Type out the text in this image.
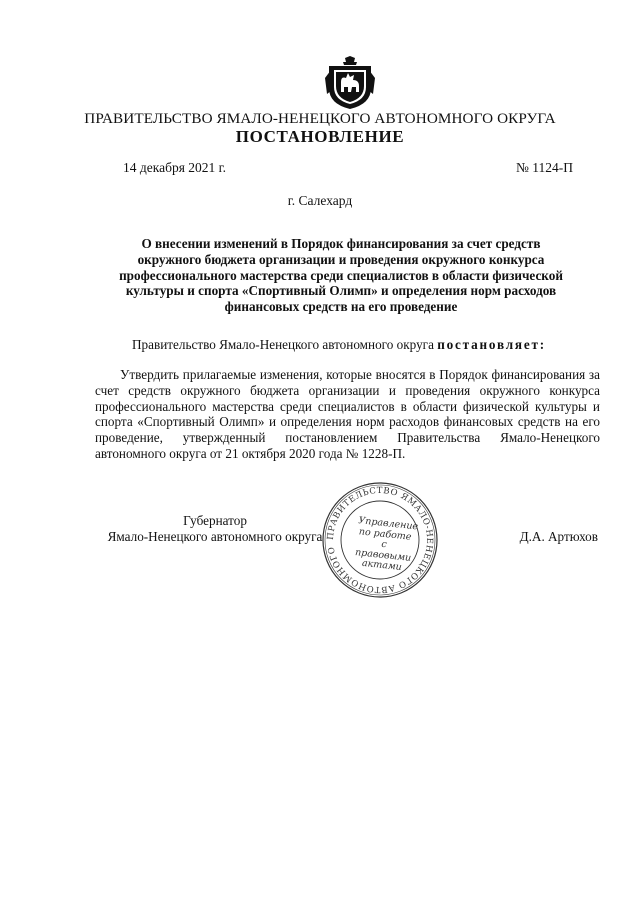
ПРАВИТЕЛЬСТВО ЯМАЛО-НЕНЕЦКОГО АВТОНОМНОГО ОКРУГА
ПОСТАНОВЛЕНИЕ
14 декабря 2021 г.	№ 1124-П
г. Салехард
О внесении изменений в Порядок финансирования за счет средств окружного бюджета организации и проведения окружного конкурса профессионального мастерства среди специалистов в области физической культуры и спорта «Спортивный Олимп» и определения норм расходов финансовых средств на его проведение
Правительство Ямало-Ненецкого автономного округа постановляет:
Утвердить прилагаемые изменения, которые вносятся в Порядок финансирования за счет средств окружного бюджета организации и проведения окружного конкурса профессионального мастерства среди специалистов в области физической культуры и спорта «Спортивный Олимп» и определения норм расходов финансовых средств на его проведение, утвержденный постановлением Правительства Ямало-Ненецкого автономного округа от 21 октября 2020 года № 1228-П.
Губернатор
Ямало-Ненецкого автономного округа ПРАВИТЕЛЬСТВО ЯМАЛО-НЕНЕЦКОГО АВТОНОМНОГО
Управление по работе с правовыми актами
Д.А. Артюхов
